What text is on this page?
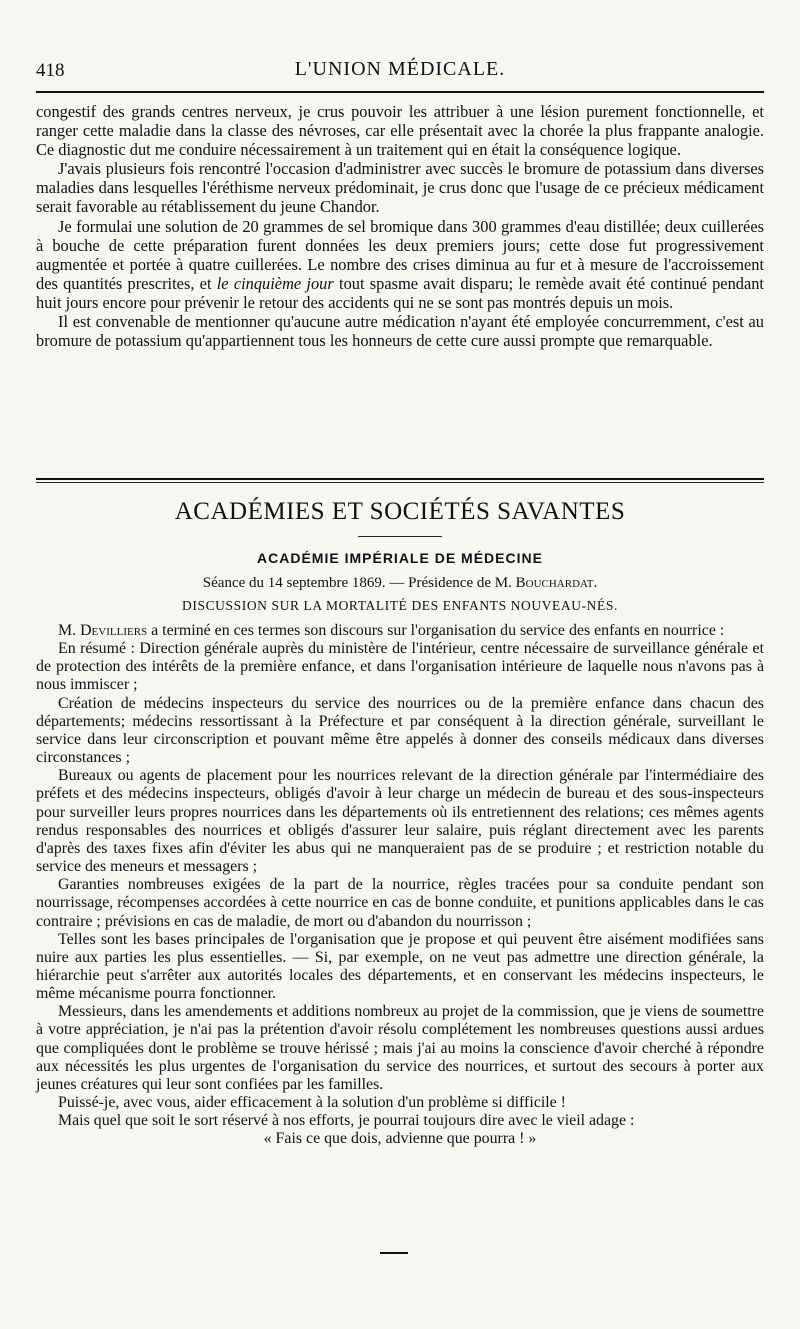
418	L'UNION MÉDICALE.

congestif des grands centres nerveux, je crus pouvoir les attribuer à une lésion purement fonctionnelle, et ranger cette maladie dans la classe des névroses, car elle présentait avec la chorée la plus frappante analogie. Ce diagnostic dut me conduire nécessairement à un traitement qui en était la conséquence logique.

J'avais plusieurs fois rencontré l'occasion d'administrer avec succès le bromure de potassium dans diverses maladies dans lesquelles l'éréthisme nerveux prédominait, je crus donc que l'usage de ce précieux médicament serait favorable au rétablissement du jeune Chandor.

Je formulai une solution de 20 grammes de sel bromique dans 300 grammes d'eau distillée; deux cuillerées à bouche de cette préparation furent données les deux premiers jours; cette dose fut progressivement augmentée et portée à quatre cuillerées. Le nombre des crises diminua au fur et à mesure de l'accroissement des quantités prescrites, et le cinquième jour tout spasme avait disparu; le remède avait été continué pendant huit jours encore pour prévenir le retour des accidents qui ne se sont pas montrés depuis un mois.

Il est convenable de mentionner qu'aucune autre médication n'ayant été employée concurremment, c'est au bromure de potassium qu'appartiennent tous les honneurs de cette cure aussi prompte que remarquable.

ACADÉMIES ET SOCIÉTÉS SAVANTES
ACADÉMIE IMPÉRIALE DE MÉDECINE
Séance du 14 septembre 1869. — Présidence de M. Bouchardat.
DISCUSSION SUR LA MORTALITÉ DES ENFANTS NOUVEAU-NÉS.

M. Devilliers a terminé en ces termes son discours sur l'organisation du service des enfants en nourrice :

En résumé : Direction générale auprès du ministère de l'intérieur, centre nécessaire de surveillance générale et de protection des intérêts de la première enfance, et dans l'organisation intérieure de laquelle nous n'avons pas à nous immiscer ;

Création de médecins inspecteurs du service des nourrices ou de la première enfance dans chacun des départements; médecins ressortissant à la Préfecture et par conséquent à la direction générale, surveillant le service dans leur circonscription et pouvant même être appelés à donner des conseils médicaux dans diverses circonstances ;

Bureaux ou agents de placement pour les nourrices relevant de la direction générale par l'intermédiaire des préfets et des médecins inspecteurs, obligés d'avoir à leur charge un médecin de bureau et des sous-inspecteurs pour surveiller leurs propres nourrices dans les départements où ils entretiennent des relations; ces mêmes agents rendus responsables des nourrices et obligés d'assurer leur salaire, puis réglant directement avec les parents d'après des taxes fixes afin d'éviter les abus qui ne manqueraient pas de se produire ; et restriction notable du service des meneurs et messagers ;

Garanties nombreuses exigées de la part de la nourrice, règles tracées pour sa conduite pendant son nourrissage, récompenses accordées à cette nourrice en cas de bonne conduite, et punitions applicables dans le cas contraire ; prévisions en cas de maladie, de mort ou d'abandon du nourrisson ;

Telles sont les bases principales de l'organisation que je propose et qui peuvent être aisément modifiées sans nuire aux parties les plus essentielles. — Si, par exemple, on ne veut pas admettre une direction générale, la hiérarchie peut s'arrêter aux autorités locales des départements, et en conservant les médecins inspecteurs, le même mécanisme pourra fonctionner.

Messieurs, dans les amendements et additions nombreux au projet de la commission, que je viens de soumettre à votre appréciation, je n'ai pas la prétention d'avoir résolu complétement les nombreuses questions aussi ardues que compliquées dont le problème se trouve hérissé ; mais j'ai au moins la conscience d'avoir cherché à répondre aux nécessités les plus urgentes de l'organisation du service des nourrices, et surtout des secours à porter aux jeunes créatures qui leur sont confiées par les familles.

Puissé-je, avec vous, aider efficacement à la solution d'un problème si difficile !

Mais quel que soit le sort réservé à nos efforts, je pourrai toujours dire avec le vieil adage :

« Fais ce que dois, advienne que pourra ! »
